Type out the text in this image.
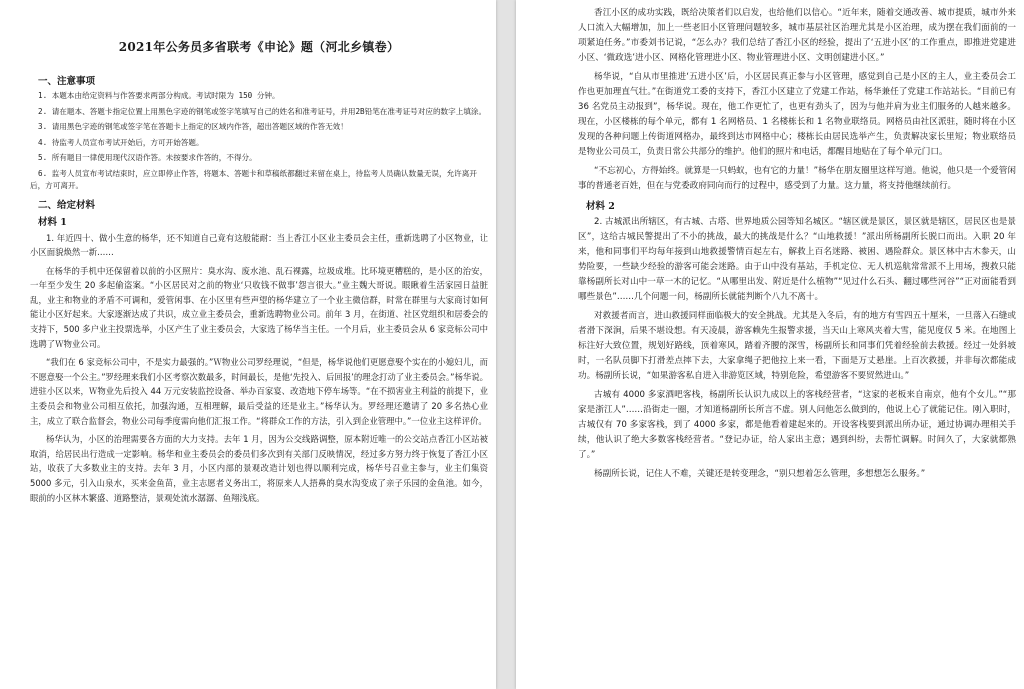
2021年公务员多省联考《申论》题（河北乡镇卷）
一、注意事项
1. 本题本由给定资料与作答要求两部分构成。考试时限为 150 分钟。
2. 请在题本、答题卡指定位置上用黑色字迹的钢笔或签字笔填写自己的姓名和准考证号，并用2B铅笔在准考证号对应的数字上填涂。
3. 请用黑色字迹的钢笔或签字笔在答题卡上指定的区域内作答，超出答题区域的作答无效！
4. 待监考人员宣布考试开始后，方可开始答题。
5. 所有题目一律使用现代汉语作答。未按要求作答的，不得分。
6. 监考人员宣布考试结束时，应立即停止作答，将题本、答题卡和草稿纸都翻过来留在桌上，待监考人员确认数量无误，允许离开后，方可离开。
二、给定材料
材料 1

1. 年近四十、做小生意的杨华，还不知道自己竟有这般能耐：当上香江小区业主委员会主任，重新选聘了小区物业，让小区面貌焕然一新……

在杨华的手机中还保留着以前的小区照片：臭水沟、废水池、乱石裸露，垃圾成堆。比环境更糟糕的，是小区的治安，一年至少发生 20 多起偷盗案。“小区居民对之前的物业‘只收钱不做事’怨言很大。”业主魏大哥说。眼瞅着生活家园日益脏乱，业主和物业的矛盾不可调和，爱管闲事、在小区里有些声望的杨华建立了一个业主微信群，时常在群里与大家商讨如何能让小区好起来。大家逐渐达成了共识，成立业主委员会，重新选聘物业公司。前年 3 月，在街道、社区党组织和居委会的支持下，500 多户业主投票选举，小区产生了业主委员会，大家选了杨华当主任。一个月后，业主委员会从 6 家竞标公司中选聘了Ｗ物业公司。

“我们在 6 家竞标公司中，不是实力最强的。”Ｗ物业公司罗经理说，“但是，杨华说他们更愿意娶个实在的小媳妇儿，而不愿意娶一个公主。”罗经理来我们小区考察次数最多，时间最长，是他‘先投入、后回报’的理念打动了业主委员会。”杨华说。进驻小区以来，Ｗ物业先后投入 44 万元安装监控设备、举办百家宴、改造地下停车场等。“在不损害业主利益的前提下，业主委员会和物业公司相互依托，加强沟通，互相理解，最后受益的还是业主。”杨华认为。罗经理还邀请了 20 多名热心业主，成立了联合监督会，物业公司每季度需向他们汇报工作。“将群众工作的方法，引入到企业管理中。”一位业主这样评价。

杨华认为，小区的治理需要各方面的大力支持。去年 1 月，因为公交线路调整，原本附近唯一的公交站点香江小区站被取消，给居民出行造成一定影响。杨华和业主委员会的委员们多次到有关部门反映情况，经过多方努力终于恢复了香江小区站，收获了大多数业主的支持。去年 3 月，小区内部的景观改造计划也得以顺利完成，杨华号召业主参与，业主们集资 5000 多元，引入山泉水，买来金鱼苗，业主志愿者义务出工，将原来人人捂鼻的臭水沟变成了亲子乐园的金鱼池。如今，眼前的小区林木繁盛、道路整洁，景观处流水潺潺、鱼翔浅底。

香江小区的成功实践，既给决策者们以启发，也给他们以信心。“近年来，随着交通改善、城市提质，城市外来人口流入大幅增加，加上一些老旧小区管理问题较多，城市基层社区治理尤其是小区治理，成为摆在我们面前的一项紧迫任务。”市委刘书记说，“怎么办？我们总结了香江小区的经验，提出了‘五进小区’的工作重点，即推进党建进小区、‘微政选’进小区、网格化管理进小区、物业管理进小区、文明创建进小区。”

杨华说，“自从市里推进‘五进小区’后，小区居民真正参与小区管理，感觉到自己是小区的主人，业主委员会工作也更加理直气壮。”在街道党工委的支持下，香江小区建立了党建工作站，杨华兼任了党建工作站站长。“目前已有 36 名党员主动报到”，杨华说。现在，他工作更忙了，也更有劲头了，因为与他并肩为业主们服务的人越来越多。现在，小区楼栋的每个单元，都有 1 名网格员、1 名楼栋长和 1 名物业联络员。网格员由社区派驻，随时将在小区发现的各种问题上传街道网格办，最终到达市网格中心；楼栋长由居民选举产生，负责解决家长里短；物业联络员是物业公司员工，负责日常公共部分的维护。他们的照片和电话，都醒目地贴在了每个单元门口。

“不忘初心，方得始终。就算是一只蚂蚁，也有它的力量！”杨华在朋友圈里这样写道。他说，他只是一个爱管闲事的普通老百姓，但在与党委政府同向而行的过程中，感受到了力量。这力量，将支持他继续前行。

材料 2

2. 古城派出所辖区，有古城、古塔、世界地质公园等知名城区。“辖区就是景区，景区就是辖区，居民区也是景区”，这给古城民警提出了不小的挑战，最大的挑战是什么？“山地救援！”派出所杨副所长脱口而出。入职 20 年来，他和同事们平均每年接到山地救援警情百起左右，解救上百名迷路、被困、遇险群众。景区林中古木参天，山势险要，一些缺少经验的游客可能会迷路。由于山中没有基站，手机定位、无人机巡航常常派不上用场，搜救只能靠杨副所长对山中一草一木的记忆。“从哪里出发、附近是什么植物”“见过什么石头、翻过哪些河谷”“正对面能看到哪些景色”……几个问题一问，杨副所长就能判断个八九不离十。

对救援者而言，进山救援同样面临极大的安全挑战。尤其是入冬后，有的地方有雪四五十厘米，一旦落入石缝或者滑下深涧，后果不堪设想。有天凌晨，游客赖先生报警求援，当天山上寒风夹着大雪，能见度仅 5 米。在地图上标注好大致位置，规划好路线，顶着寒风，踏着齐腰的深雪，杨副所长和同事们凭着经验前去救援。经过一处斜坡时，一名队员脚下打滑差点摔下去，大家拿绳子把他拉上来一看，下面是万丈悬崖。上百次救援，并非每次都能成功。杨副所长说，“如果游客私自进入非游览区域，特别危险，希望游客不要贸然进山。”

古城有 4000 多家酒吧客栈，杨副所长认识九成以上的客栈经营者，“这家的老板来自南京，他有个女儿。”“那家是浙江人”……沿街走一圈，才知道杨副所长所言不虚。别人问他怎么做到的，他说上心了就能记住。刚入职时，古城仅有 70 多家客栈，到了 4000 多家，都是他看着建起来的。开设客栈要到派出所办证，通过协调办理相关手续，他认识了绝大多数客栈经营者。“登记办证，给人家出主意；遇到纠纷，去帮忙调解。时间久了，大家就都熟了。”

杨副所长说，记住人不难，关键还是转变理念，“别只想着怎么管理，多想想怎么服务。”
